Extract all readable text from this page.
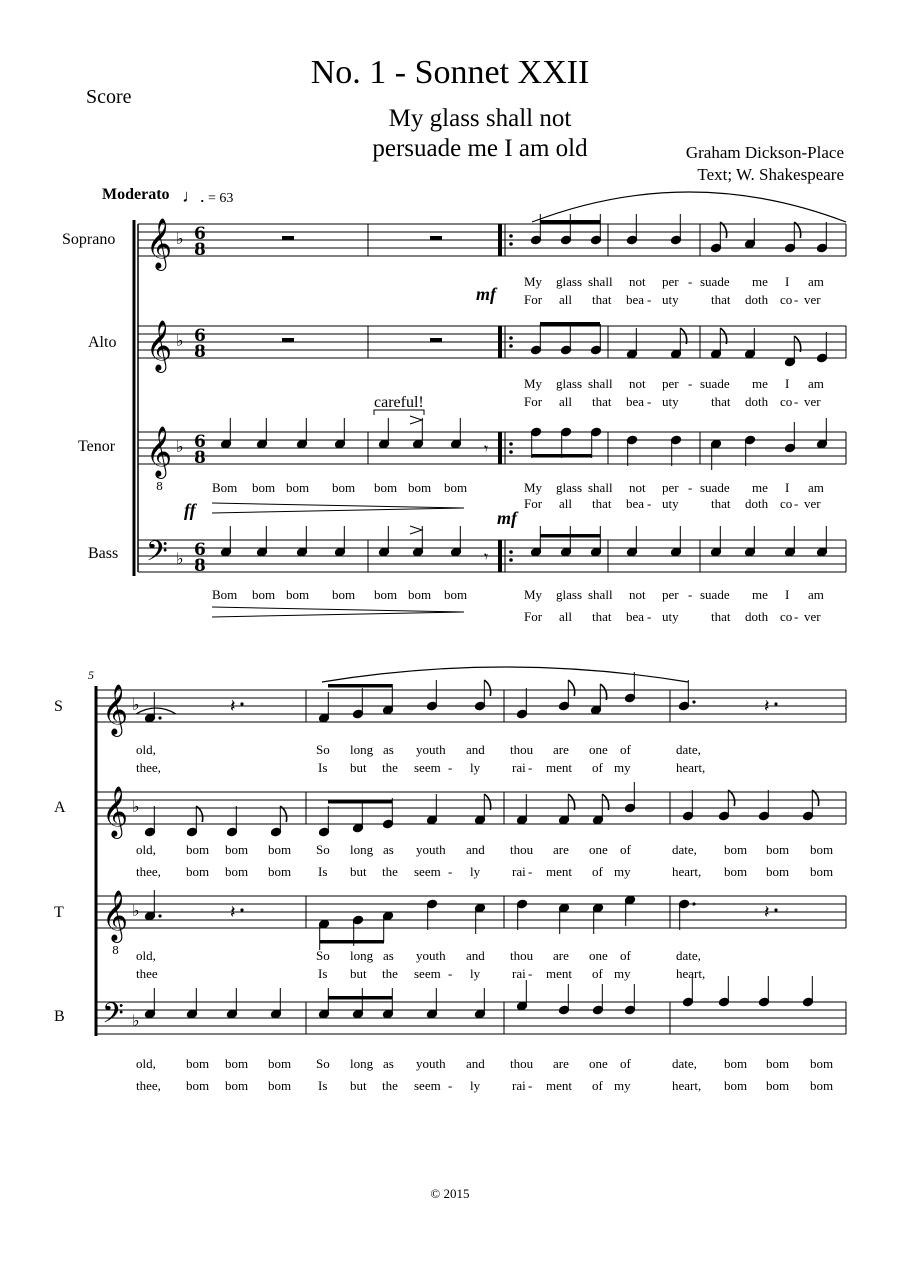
Score
No. 1 - Sonnet XXII
My glass shall not
persuade me I am old	Graham Dickson-Place
Text; W. Shakespeare
Moderato ♩. = 63
Soprano
Alto
Tenor
Bass
S
A
T
B
5
careful!
mf
ff	mf
𝄞 ♭ 6
8
𝄞 ♭ 6
8
𝄞
8
♭ 6
8
𝄢 ♭ 6
8
𝄾
𝄾
𝄞 ♭
𝄞 ♭
𝄞
8
♭
𝄢 ♭
𝄽	𝄽
𝄽	𝄽
My glass shall not per - suade me I am
For all that bea - uty that doth co - ver
My glass shall not per - suade me I am
For all that bea - uty that doth co - ver
Bom bom bom bom bom bom bom	My glass shall not per - suade me I am
For all that bea - uty that doth co - ver
Bom bom bom bom bom bom bom	My glass shall not per - suade me I am
For all that bea - uty that doth co - ver
old,	So long as youth and thou are one of	date,
thee,	Is but the seem - ly rai - ment of my	heart,
old, bom bom bom So long as youth and thou are one of	date, bom bom bom
thee, bom bom bom Is but the seem - ly rai - ment of my	heart, bom bom bom
old,	So long as youth and thou are one of	date,
thee	Is but the seem - ly rai - ment of my	heart,
old, bom bom bom So long as youth and thou are one of	date, bom bom bom
thee, bom bom bom Is but the seem - ly rai - ment of my	heart, bom bom bom
© 2015
